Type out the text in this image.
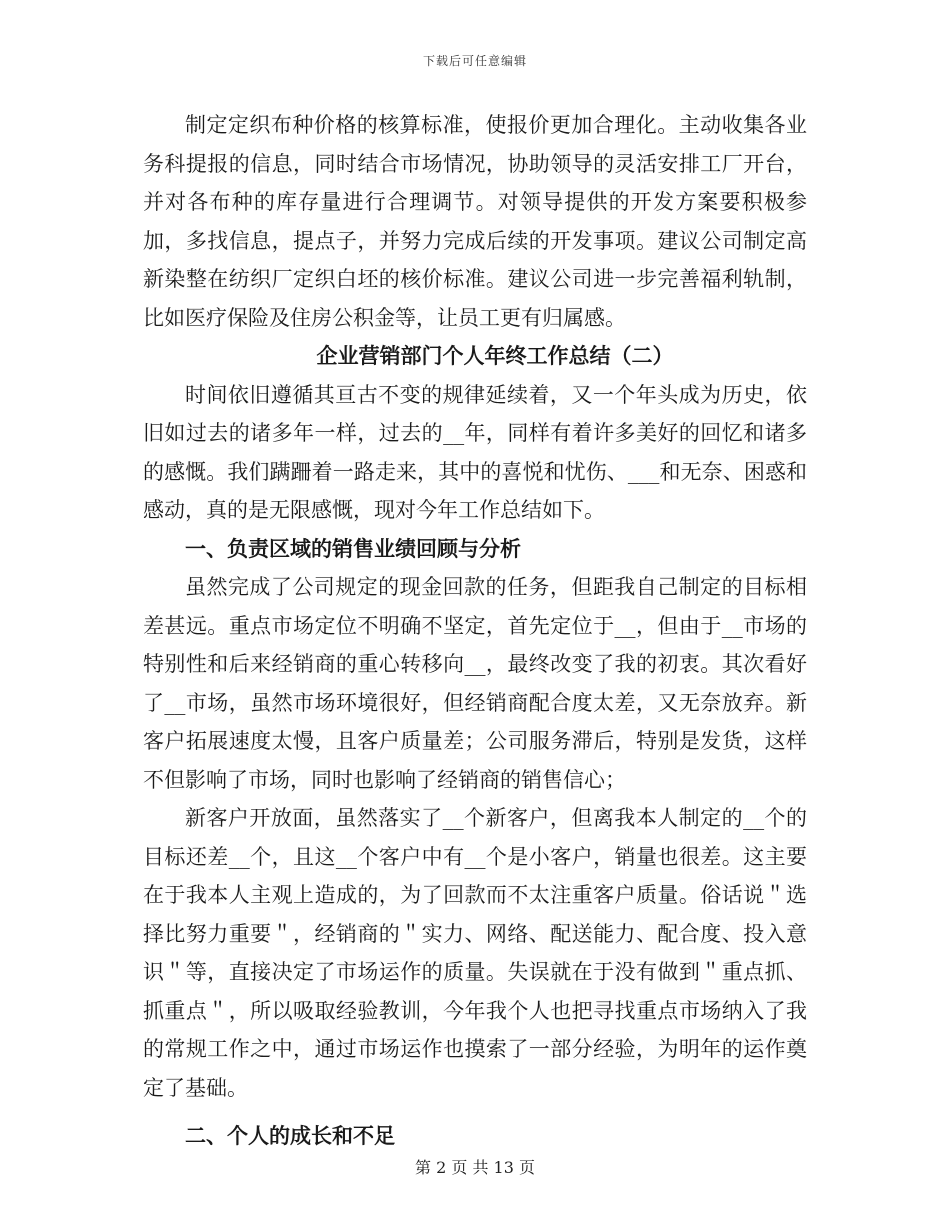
下载后可任意编辑

制定定织布种价格的核算标准，使报价更加合理化。主动收集各业务科提报的信息，同时结合市场情况，协助领导的灵活安排工厂开台，并对各布种的库存量进行合理调节。对领导提供的开发方案要积极参加，多找信息，提点子，并努力完成后续的开发事项。建议公司制定高新染整在纺织厂定织白坯的核价标准。建议公司进一步完善福利轨制，比如医疗保险及住房公积金等，让员工更有归属感。

企业营销部门个人年终工作总结（二）

时间依旧遵循其亘古不变的规律延续着，又一个年头成为历史，依旧如过去的诸多年一样，过去的__年，同样有着许多美好的回忆和诸多的感慨。我们蹒跚着一路走来，其中的喜悦和忧伤、___和无奈、困惑和感动，真的是无限感慨，现对今年工作总结如下。

一、负责区域的销售业绩回顾与分析

虽然完成了公司规定的现金回款的任务，但距我自己制定的目标相差甚远。重点市场定位不明确不坚定，首先定位于__，但由于__市场的特别性和后来经销商的重心转移向__，最终改变了我的初衷。其次看好了__市场，虽然市场环境很好，但经销商配合度太差，又无奈放弃。新客户拓展速度太慢，且客户质量差；公司服务滞后，特别是发货，这样不但影响了市场，同时也影响了经销商的销售信心；

新客户开放面，虽然落实了__个新客户，但离我本人制定的__个的目标还差__个，且这__个客户中有__个是小客户，销量也很差。这主要在于我本人主观上造成的，为了回款而不太注重客户质量。俗话说＂选择比努力重要＂，经销商的＂实力、网络、配送能力、配合度、投入意识＂等，直接决定了市场运作的质量。失误就在于没有做到＂重点抓、抓重点＂，所以吸取经验教训，今年我个人也把寻找重点市场纳入了我的常规工作之中，通过市场运作也摸索了一部分经验，为明年的运作奠定了基础。

二、个人的成长和不足
第 2 页 共 13 页
